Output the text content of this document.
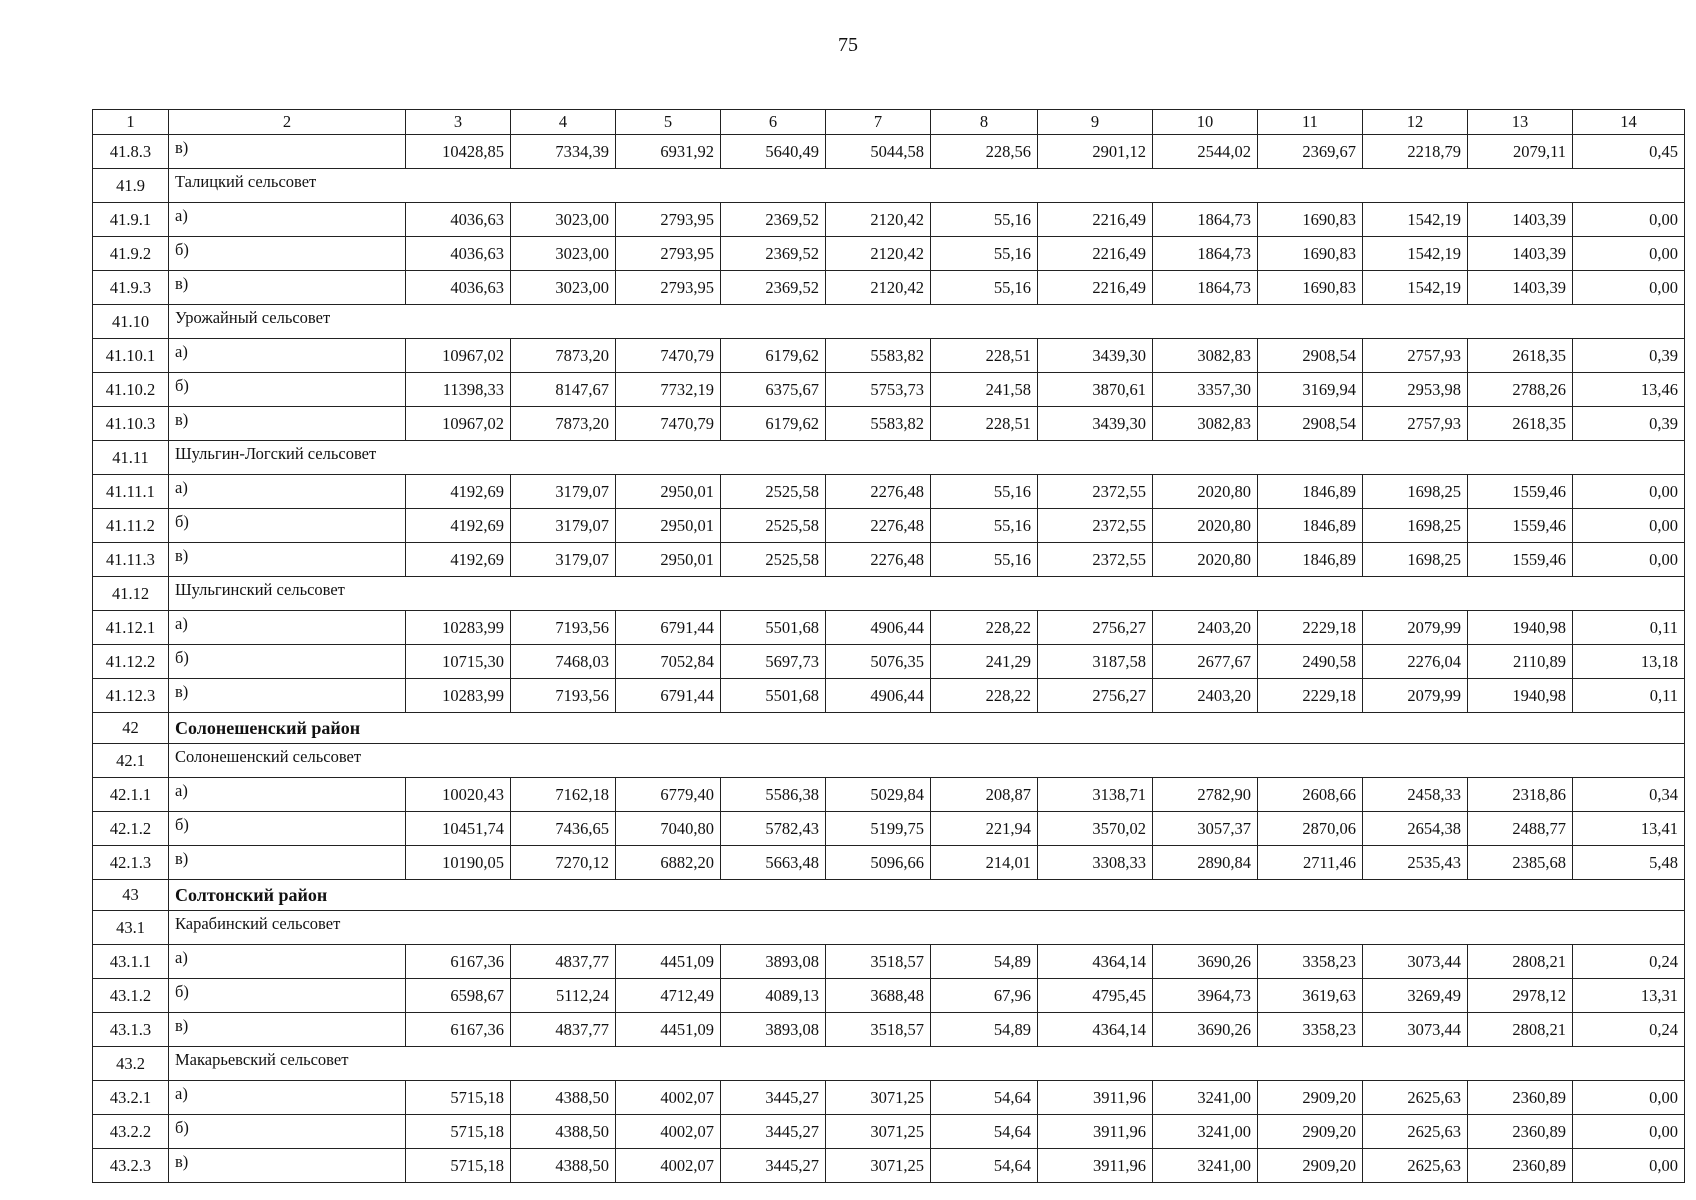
75
1	2	3	4	5	6	7	8	9	10	11	12	13	14
41.8.3	в)	10428,85	7334,39	6931,92	5640,49	5044,58	228,56	2901,12	2544,02	2369,67	2218,79	2079,11	0,45
41.9	Талицкий сельсовет												
41.9.1	а)	4036,63	3023,00	2793,95	2369,52	2120,42	55,16	2216,49	1864,73	1690,83	1542,19	1403,39	0,00
41.9.2	б)	4036,63	3023,00	2793,95	2369,52	2120,42	55,16	2216,49	1864,73	1690,83	1542,19	1403,39	0,00
41.9.3	в)	4036,63	3023,00	2793,95	2369,52	2120,42	55,16	2216,49	1864,73	1690,83	1542,19	1403,39	0,00
41.10	Урожайный сельсовет												
41.10.1	а)	10967,02	7873,20	7470,79	6179,62	5583,82	228,51	3439,30	3082,83	2908,54	2757,93	2618,35	0,39
41.10.2	б)	11398,33	8147,67	7732,19	6375,67	5753,73	241,58	3870,61	3357,30	3169,94	2953,98	2788,26	13,46
41.10.3	в)	10967,02	7873,20	7470,79	6179,62	5583,82	228,51	3439,30	3082,83	2908,54	2757,93	2618,35	0,39
41.11	Шульгин-Логский сельсовет												
41.11.1	а)	4192,69	3179,07	2950,01	2525,58	2276,48	55,16	2372,55	2020,80	1846,89	1698,25	1559,46	0,00
41.11.2	б)	4192,69	3179,07	2950,01	2525,58	2276,48	55,16	2372,55	2020,80	1846,89	1698,25	1559,46	0,00
41.11.3	в)	4192,69	3179,07	2950,01	2525,58	2276,48	55,16	2372,55	2020,80	1846,89	1698,25	1559,46	0,00
41.12	Шульгинский сельсовет												
41.12.1	а)	10283,99	7193,56	6791,44	5501,68	4906,44	228,22	2756,27	2403,20	2229,18	2079,99	1940,98	0,11
41.12.2	б)	10715,30	7468,03	7052,84	5697,73	5076,35	241,29	3187,58	2677,67	2490,58	2276,04	2110,89	13,18
41.12.3	в)	10283,99	7193,56	6791,44	5501,68	4906,44	228,22	2756,27	2403,20	2229,18	2079,99	1940,98	0,11
42	Солонешенский район												
42.1	Солонешенский сельсовет												
42.1.1	а)	10020,43	7162,18	6779,40	5586,38	5029,84	208,87	3138,71	2782,90	2608,66	2458,33	2318,86	0,34
42.1.2	б)	10451,74	7436,65	7040,80	5782,43	5199,75	221,94	3570,02	3057,37	2870,06	2654,38	2488,77	13,41
42.1.3	в)	10190,05	7270,12	6882,20	5663,48	5096,66	214,01	3308,33	2890,84	2711,46	2535,43	2385,68	5,48
43	Солтонский район												
43.1	Карабинский сельсовет												
43.1.1	а)	6167,36	4837,77	4451,09	3893,08	3518,57	54,89	4364,14	3690,26	3358,23	3073,44	2808,21	0,24
43.1.2	б)	6598,67	5112,24	4712,49	4089,13	3688,48	67,96	4795,45	3964,73	3619,63	3269,49	2978,12	13,31
43.1.3	в)	6167,36	4837,77	4451,09	3893,08	3518,57	54,89	4364,14	3690,26	3358,23	3073,44	2808,21	0,24
43.2	Макарьевский сельсовет												
43.2.1	а)	5715,18	4388,50	4002,07	3445,27	3071,25	54,64	3911,96	3241,00	2909,20	2625,63	2360,89	0,00
43.2.2	б)	5715,18	4388,50	4002,07	3445,27	3071,25	54,64	3911,96	3241,00	2909,20	2625,63	2360,89	0,00
43.2.3	в)	5715,18	4388,50	4002,07	3445,27	3071,25	54,64	3911,96	3241,00	2909,20	2625,63	2360,89	0,00
